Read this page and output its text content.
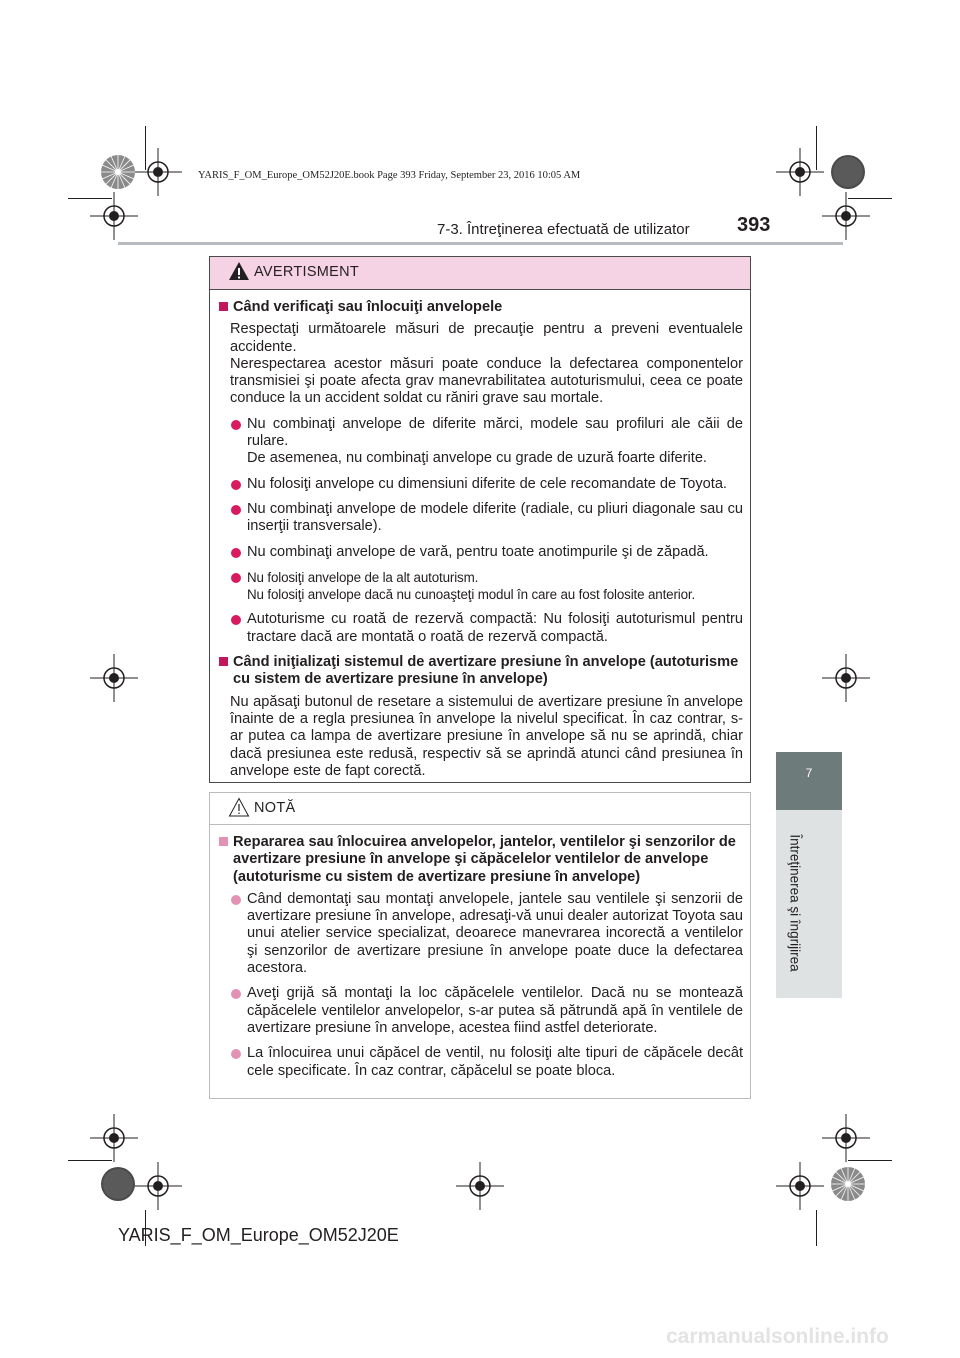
YARIS_F_OM_Europe_OM52J20E.book Page 393 Friday, September 23, 2016 10:05 AM
7-3. Întreţinerea efectuată de utilizator 393
7
Întreţinerea şi îngrijirea
AVERTISMENT
Când verificaţi sau înlocuiţi anvelopele

Respectaţi următoarele măsuri de precauţie pentru a preveni eventualele accidente.

Nerespectarea acestor măsuri poate conduce la defectarea componentelor transmisiei şi poate afecta grav manevrabilitatea autoturismului, ceea ce poate conduce la un accident soldat cu răniri grave sau mortale.

Nu combinaţi anvelope de diferite mărci, modele sau profiluri ale căii de rulare.

De asemenea, nu combinaţi anvelope cu grade de uzură foarte diferite.

Nu folosiţi anvelope cu dimensiuni diferite de cele recomandate de Toyota.

Nu combinaţi anvelope de modele diferite (radiale, cu pliuri diagonale sau cu inserţii transversale).

Nu combinaţi anvelope de vară, pentru toate anotimpurile şi de zăpadă.

Nu folosiţi anvelope de la alt autoturism.

Nu folosiţi anvelope dacă nu cunoaşteţi modul în care au fost folosite anterior.

Autoturisme cu roată de rezervă compactă: Nu folosiţi autoturismul pentru tractare dacă are montată o roată de rezervă compactă.

Când iniţializaţi sistemul de avertizare presiune în anvelope (autoturisme cu sistem de avertizare presiune în anvelope)

Nu apăsaţi butonul de resetare a sistemului de avertizare presiune în anvelope înainte de a regla presiunea în anvelope la nivelul specificat. În caz contrar, s-ar putea ca lampa de avertizare presiune în anvelope să nu se aprindă, chiar dacă presiunea este redusă, respectiv să se aprindă atunci când presiunea în anvelope este de fapt corectă.

NOTĂ
Repararea sau înlocuirea anvelopelor, jantelor, ventilelor şi senzorilor de avertizare presiune în anvelope şi căpăcelelor ventilelor de anvelope (autoturisme cu sistem de avertizare presiune în anvelope)

Când demontaţi sau montaţi anvelopele, jantele sau ventilele şi senzorii de avertizare presiune în anvelope, adresaţi-vă unui dealer autorizat Toyota sau unui atelier service specializat, deoarece manevrarea incorectă a ventilelor şi senzorilor de avertizare presiune în anvelope poate duce la defectarea acestora.

Aveţi grijă să montaţi la loc căpăcelele ventilelor. Dacă nu se montează căpăcelele ventilelor anvelopelor, s-ar putea să pătrundă apă în ventilele de avertizare presiune în anvelope, acestea fiind astfel deteriorate.

La înlocuirea unui căpăcel de ventil, nu folosiţi alte tipuri de căpăcele decât cele specificate. În caz contrar, căpăcelul se poate bloca.

YARIS_F_OM_Europe_OM52J20E
carmanualsonline.info
